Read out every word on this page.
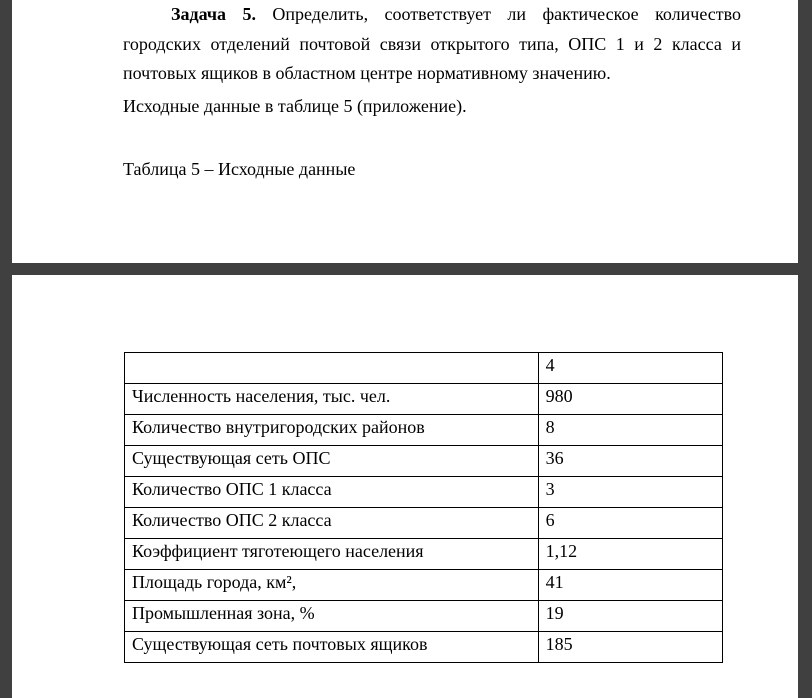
Задача 5. Определить, соответствует ли фактическое количество городских отделений почтовой связи открытого типа, ОПС 1 и 2 класса и почтовых ящиков в областном центре нормативному значению.

Исходные данные в таблице 5 (приложение).

Таблица 5 – Исходные данные

	4
Численность населения, тыс. чел.	980
Количество внутригородских районов	8
Существующая сеть ОПС	36
Количество ОПС 1 класса	3
Количество ОПС 2 класса	6
Коэффициент тяготеющего населения	1,12
Площадь города, км²,	41
Промышленная зона, %	19
Существующая сеть почтовых ящиков	185
